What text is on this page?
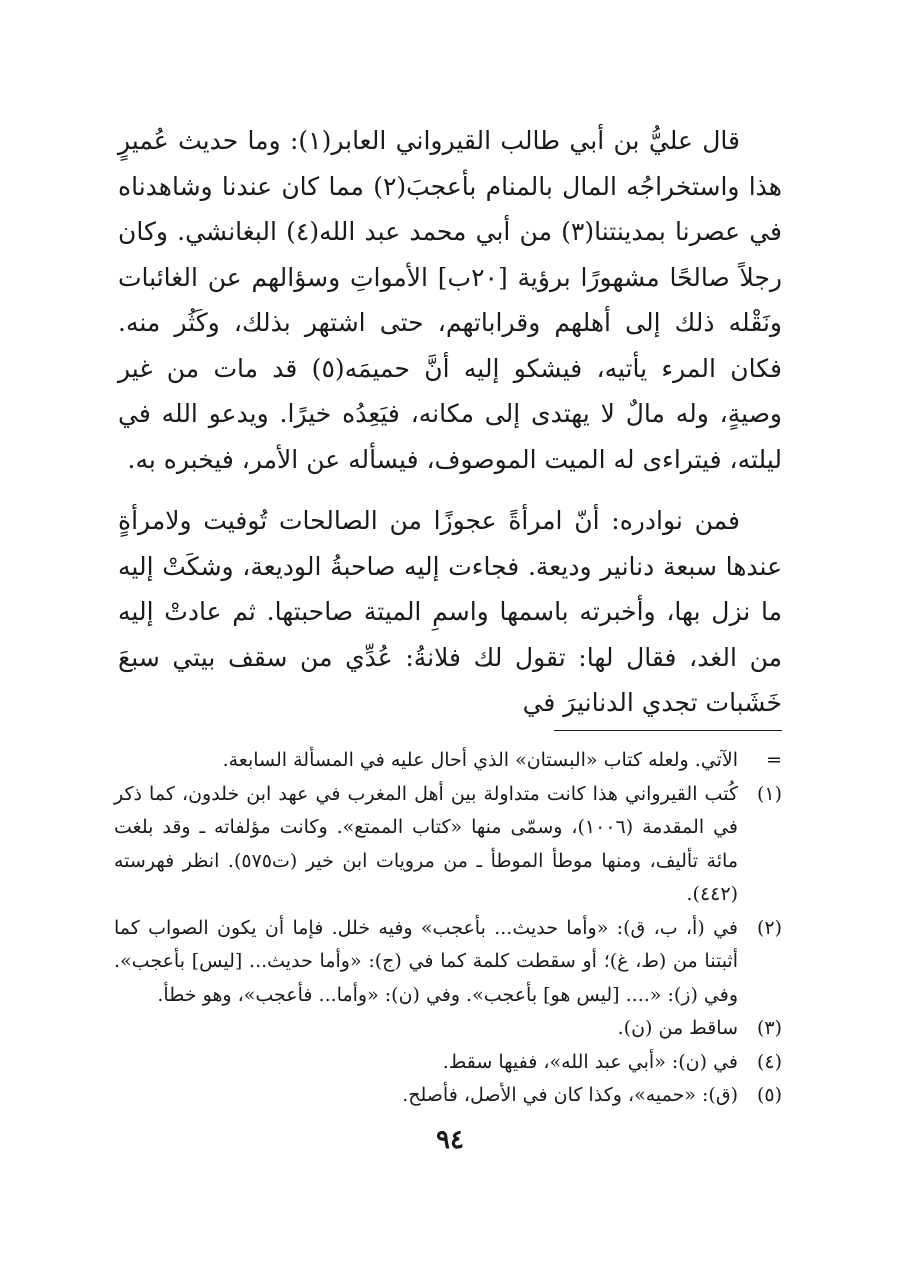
قال عليُّ بن أبي طالب القيرواني العابر(١): وما حديث عُميرٍ هذا واستخراجُه المال بالمنام بأعجبَ(٢) مما كان عندنا وشاهدناه في عصرنا بمدينتنا(٣) من أبي محمد عبد الله(٤) البغانشي. وكان رجلاً صالحًا مشهورًا برؤية [٢٠ب] الأمواتِ وسؤالهم عن الغائبات ونَقْله ذلك إلى أهلهم وقراباتهم، حتى اشتهر بذلك، وكَثُر منه. فكان المرء يأتيه، فيشكو إليه أنَّ حميمَه(٥) قد مات من غير وصيةٍ، وله مالٌ لا يهتدى إلى مكانه، فيَعِدُه خيرًا. ويدعو الله في ليلته، فيتراءى له الميت الموصوف، فيسأله عن الأمر، فيخبره به.

فمن نوادره: أنّ امرأةً عجوزًا من الصالحات تُوفيت ولامرأةٍ عندها سبعة دنانير وديعة. فجاءت إليه صاحبةُ الوديعة، وشكَتْ إليه ما نزل بها، وأخبرته باسمها واسمِ الميتة صاحبتها. ثم عادتْ إليه من الغد، فقال لها: تقول لك فلانةُ: عُدِّي من سقف بيتي سبعَ خَشَبات تجدي الدنانيرَ في

=
الآتي. ولعله كتاب «البستان» الذي أحال عليه في المسألة السابعة.
(١)
كُتب القيرواني هذا كانت متداولة بين أهل المغرب في عهد ابن خلدون، كما ذكر في المقدمة (١٠٠٦)، وسمّى منها «كتاب الممتع». وكانت مؤلفاته ـ وقد بلغت مائة تأليف، ومنها موطأ الموطأ ـ من مرويات ابن خير (ت٥٧٥). انظر فهرسته (٤٤٢).
(٢)
في (أ، ب، ق): «وأما حديث... بأعجب» وفيه خلل. فإما أن يكون الصواب كما أثبتنا من (ط، غ)؛ أو سقطت كلمة كما في (ج): «وأما حديث... [ليس] بأعجب». وفي (ز): «.... [ليس هو] بأعجب». وفي (ن): «وأما... فأعجب»، وهو خطأ.
(٣)
ساقط من (ن).
(٤)
في (ن): «أبي عبد الله»، ففيها سقط.
(٥)
(ق): «حميه»، وكذا كان في الأصل، فأصلح.
٩٤
